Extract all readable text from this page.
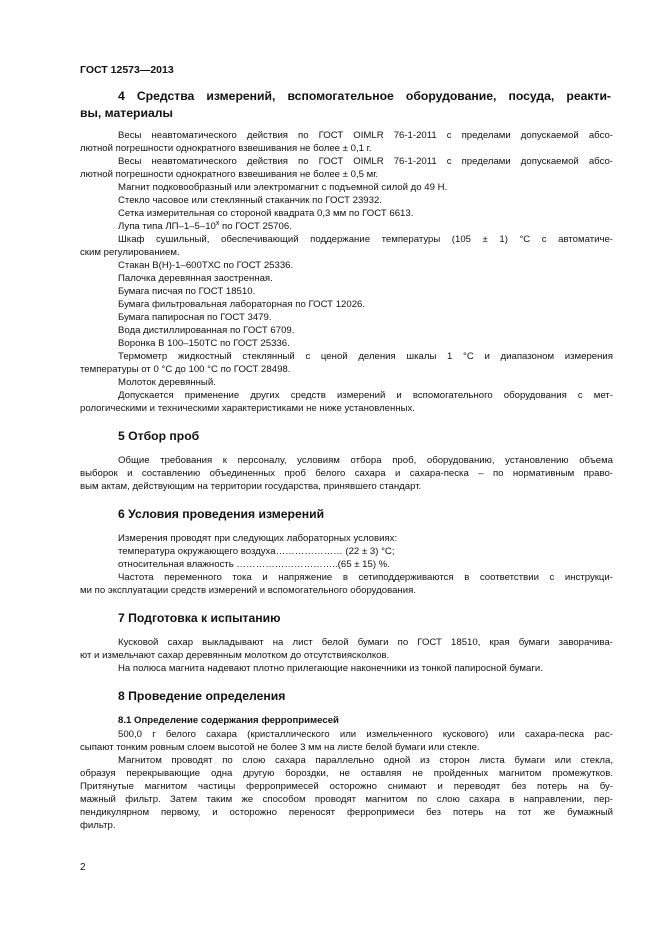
ГОСТ 12573—2013
4 Средства измерений, вспомогательное оборудование, посуда, реакти-
вы, материалы
Весы неавтоматического действия по ГОСТ OIMLR 76-1-2011 с пределами допускаемой абсо-
лютной погрешности однократного взвешивания не более ± 0,1 г.
Весы неавтоматического действия по ГОСТ OIMLR 76-1-2011 с пределами допускаемой абсо-
лютной погрешности однократного взвешивания не более ± 0,5 мг.
Магнит подковообразный или электромагнит с подъемной силой до 49 Н.
Стекло часовое или стеклянный стаканчик по ГОСТ 23932.
Сетка измерительная со стороной квадрата 0,3 мм по ГОСТ 6613.
Лупа типа $ЛП-1-5-10^х$ по ГОСТ 25706.
Шкаф сушильный, обеспечивающий поддержание температуры (105 ± 1) °С с автоматиче-
ским регулированием.
Стакан В(Н)-1–600ТХС по ГОСТ 25336.
Палочка деревянная заостренная.
Бумага писчая по ГОСТ 18510.
Бумага фильтровальная лабораторная по ГОСТ 12026.
Бумага папиросная по ГОСТ 3479.
Вода дистиллированная по ГОСТ 6709.
Воронка В 100–150ТС по ГОСТ 25336.
Термометр жидкостный стеклянный с ценой деления шкалы 1 °С и диапазоном измерения
температуры от 0 °С до 100 °С по ГОСТ 28498.
Молоток деревянный.
Допускается применение других средств измерений и вспомогательного оборудования с мет-
рологическими и техническими характеристиками не ниже установленных.
5 Отбор проб
Общие требования к персоналу, условиям отбора проб, оборудованию, установлению объема
выборок и составлению объединенных проб белого сахара и сахара-песка – по нормативным право-
вым актам, действующим на территории государства, принявшего стандарт.
6 Условия проведения измерений
Измерения проводят при следующих лабораторных условиях:
температура окружающего воздуха………………… (22 ± 3) °С;
относительная влажность …………………………..(65 ± 15) %.
Частота переменного тока и напряжение в сетиподдерживаются в соответствии с инструкци-
ми по эксплуатации средств измерений и вспомогательного оборудования.
7 Подготовка к испытанию
Кусковой сахар выкладывают на лист белой бумаги по ГОСТ 18510, края бумаги заворачива-
ют и измельчают сахар деревянным молотком до отсутствиясколков.
На полюса магнита надевают плотно прилегающие наконечники из тонкой папиросной бумаги.
8 Проведение определения
8.1 Определение содержания ферропримесей
500,0 г белого сахара (кристаллического или измельченного кускового) или сахара-песка рас-
сыпают тонким ровным слоем высотой не более 3 мм на листе белой бумаги или стекле.
Магнитом проводят по слою сахара параллельно одной из сторон листа бумаги или стекла,
образуя перекрывающие одна другую бороздки, не оставляя не пройденных магнитом промежутков.
Притянутые магнитом частицы ферропримесей осторожно снимают и переводят без потерь на бу-
мажный фильтр. Затем таким же способом проводят магнитом по слою сахара в направлении, пер-
пендикулярном первому, и осторожно переносят ферропримеси без потерь на тот же бумажный
фильтр.
2
